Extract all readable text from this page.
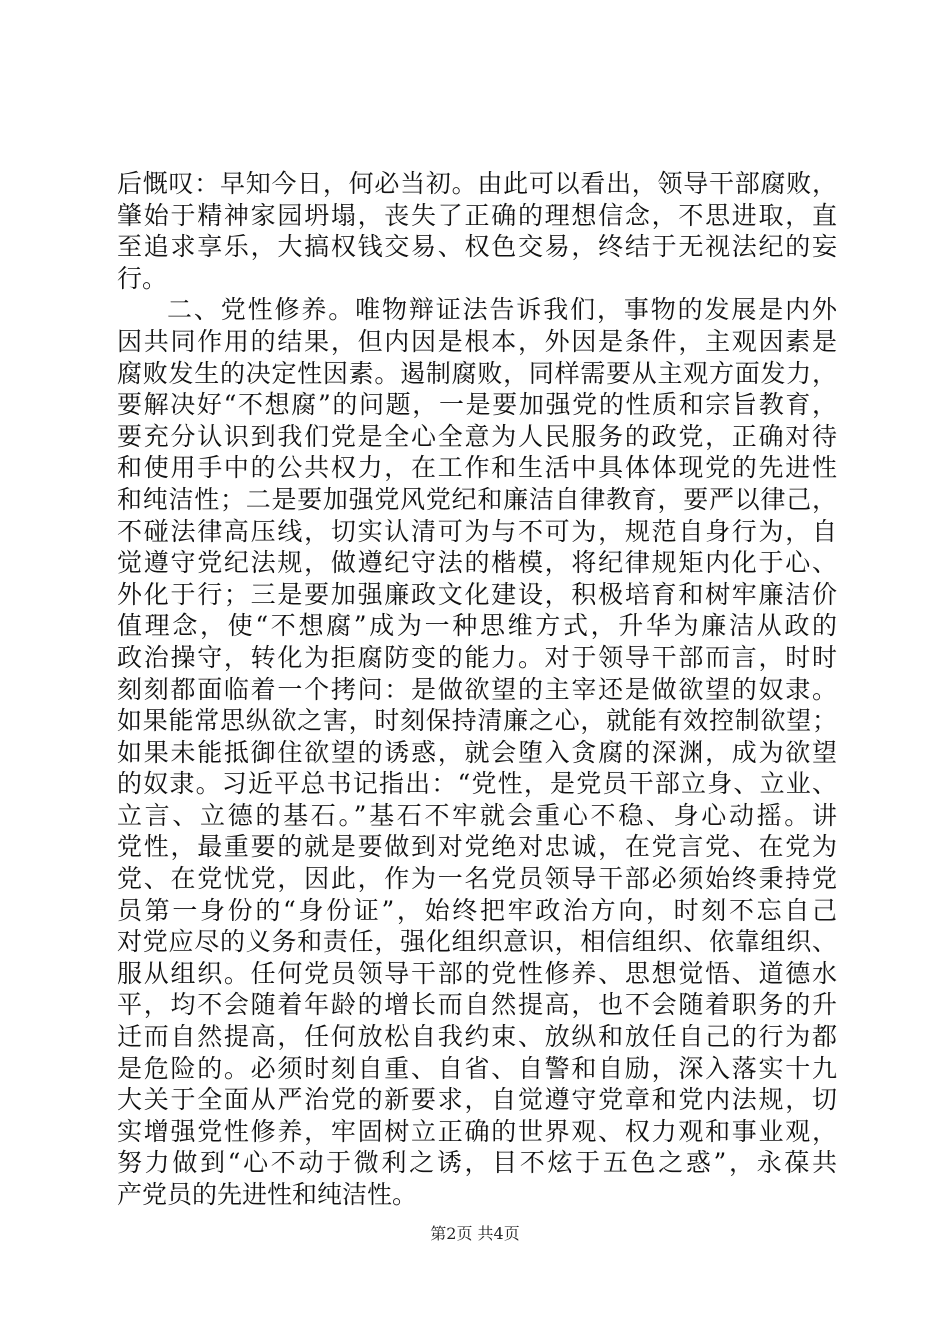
后慨叹：早知今日，何必当初。由此可以看出，领导干部腐败，
肇始于精神家园坍塌，丧失了正确的理想信念，不思进取，直
至追求享乐，大搞权钱交易、权色交易，终结于无视法纪的妄
行。
二、党性修养。唯物辩证法告诉我们，事物的发展是内外
因共同作用的结果，但内因是根本，外因是条件，主观因素是
腐败发生的决定性因素。遏制腐败，同样需要从主观方面发力，
要解决好“不想腐”的问题，一是要加强党的性质和宗旨教育，
要充分认识到我们党是全心全意为人民服务的政党，正确对待
和使用手中的公共权力，在工作和生活中具体体现党的先进性
和纯洁性；二是要加强党风党纪和廉洁自律教育，要严以律己，
不碰法律高压线，切实认清可为与不可为，规范自身行为，自
觉遵守党纪法规，做遵纪守法的楷模，将纪律规矩内化于心、
外化于行；三是要加强廉政文化建设，积极培育和树牢廉洁价
值理念，使“不想腐”成为一种思维方式，升华为廉洁从政的
政治操守，转化为拒腐防变的能力。对于领导干部而言，时时
刻刻都面临着一个拷问：是做欲望的主宰还是做欲望的奴隶。
如果能常思纵欲之害，时刻保持清廉之心，就能有效控制欲望；
如果未能抵御住欲望的诱惑，就会堕入贪腐的深渊，成为欲望
的奴隶。习近平总书记指出：“党性，是党员干部立身、立业、
立言、立德的基石。”基石不牢就会重心不稳、身心动摇。讲
党性，最重要的就是要做到对党绝对忠诚，在党言党、在党为
党、在党忧党，因此，作为一名党员领导干部必须始终秉持党
员第一身份的“身份证”，始终把牢政治方向，时刻不忘自己
对党应尽的义务和责任，强化组织意识，相信组织、依靠组织、
服从组织。任何党员领导干部的党性修养、思想觉悟、道德水
平，均不会随着年龄的增长而自然提高，也不会随着职务的升
迁而自然提高，任何放松自我约束、放纵和放任自己的行为都
是危险的。必须时刻自重、自省、自警和自励，深入落实十九
大关于全面从严治党的新要求，自觉遵守党章和党内法规，切
实增强党性修养，牢固树立正确的世界观、权力观和事业观，
努力做到“心不动于微利之诱，目不炫于五色之惑”，永葆共
产党员的先进性和纯洁性。
第2页 共4页
